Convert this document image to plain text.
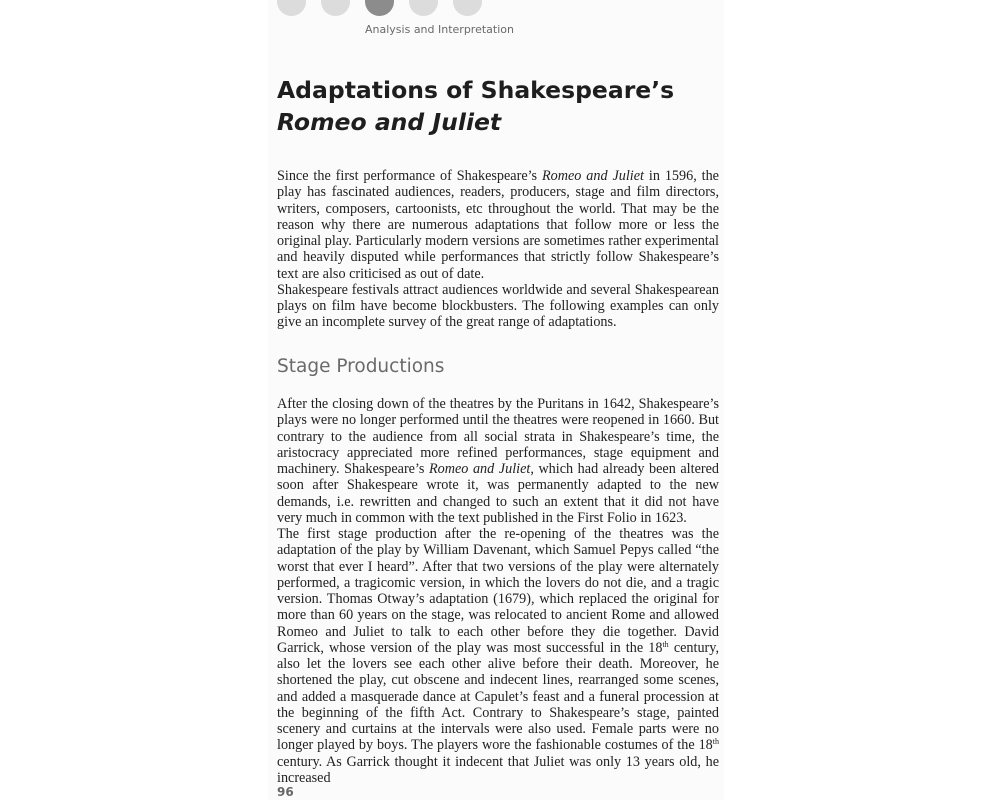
Analysis and Interpretation
Adaptations of Shakespeare’s
Romeo and Juliet

Since the first performance of Shakespeare’s Romeo and Juliet in 1596, the play has fascinated audiences, readers, producers, stage and film directors, writers, composers, cartoonists, etc throughout the world. That may be the reason why there are numerous adaptations that follow more or less the original play. Particularly modern versions are sometimes rather experimental and heavily disputed while performances that strictly follow Shakespeare’s text are also criticised as out of date.

Shakespeare festivals attract audiences worldwide and several Shakespearean plays on film have become blockbusters. The following examples can only give an incomplete survey of the great range of adaptations.

Stage Productions

After the closing down of the theatres by the Puritans in 1642, Shakespeare’s plays were no longer performed until the theatres were reopened in 1660. But contrary to the audience from all social strata in Shakespeare’s time, the aristocracy appreciated more refined performances, stage equipment and machinery. Shakespeare’s Romeo and Juliet, which had already been altered soon after Shakespeare wrote it, was permanently adapted to the new demands, i.e. rewritten and changed to such an extent that it did not have very much in common with the text published in the First Folio in 1623.

The first stage production after the re-opening of the theatres was the adaptation of the play by William Davenant, which Samuel Pepys called “the worst that ever I heard”. After that two versions of the play were alternately performed, a tragicomic version, in which the lovers do not die, and a tragic version. Thomas Otway’s adaptation (1679), which replaced the original for more than 60 years on the stage, was relocated to ancient Rome and allowed Romeo and Juliet to talk to each other before they die together. David Garrick, whose version of the play was most successful in the 18th century, also let the lovers see each other alive before their death. Moreover, he shortened the play, cut obscene and indecent lines, rearranged some scenes, and added a masquerade dance at Capulet’s feast and a funeral procession at the beginning of the fifth Act. Contrary to Shakespeare’s stage, painted scenery and curtains at the intervals were also used. Female parts were no longer played by boys. The players wore the fashionable costumes of the 18th century. As Garrick thought it indecent that Juliet was only 13 years old, he increased

96
